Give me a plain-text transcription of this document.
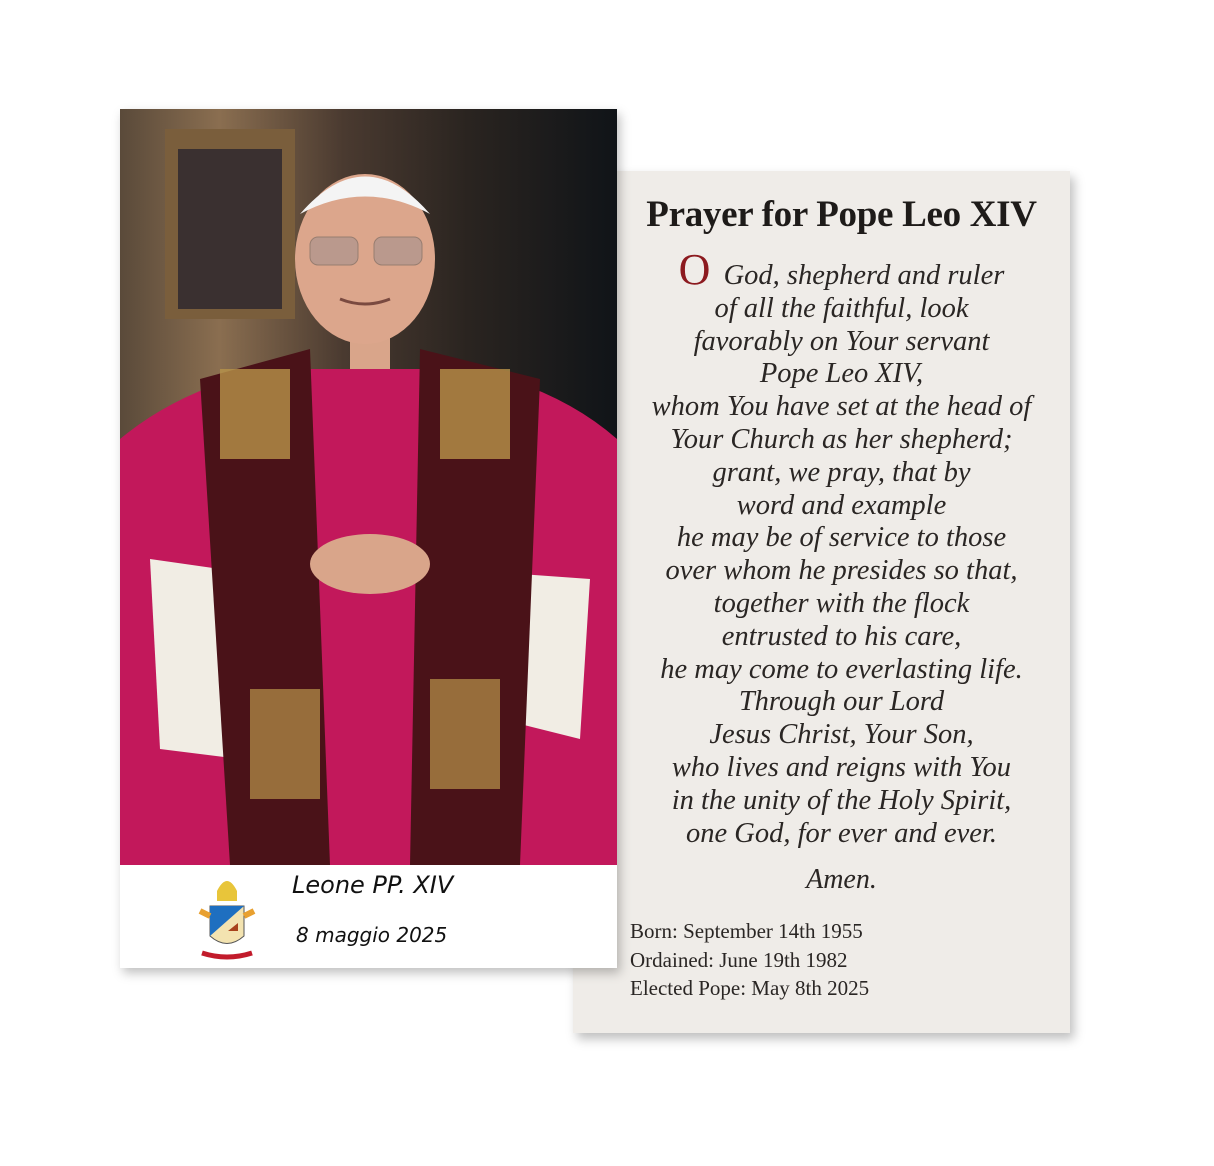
Prayer for Pope Leo XIV
O God, shepherd and ruler
of all the faithful, look
favorably on Your servant
Pope Leo XIV,
whom You have set at the head of
Your Church as her shepherd;
grant, we pray, that by
word and example
he may be of service to those
over whom he presides so that,
together with the flock
entrusted to his care,
he may come to everlasting life.
Through our Lord
Jesus Christ, Your Son,
who lives and reigns with You
in the unity of the Holy Spirit,
one God, for ever and ever.
Amen.
Born: September 14th 1955
Ordained: June 19th 1982
Elected Pope: May 8th 2025
Leone PP. XIV
8 maggio 2025
